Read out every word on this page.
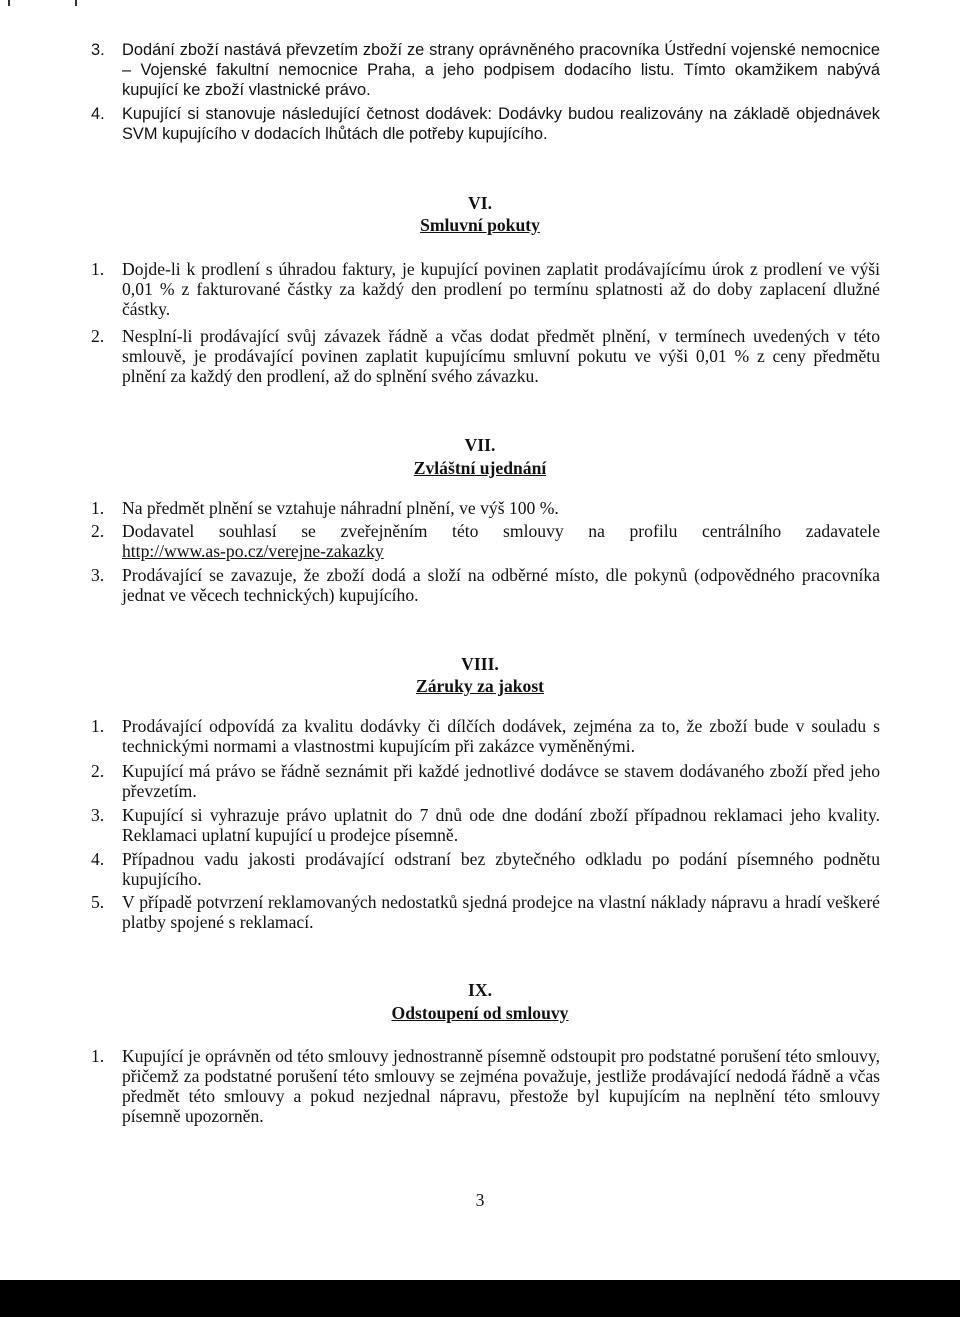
3.	Dodání zboží nastává převzetím zboží ze strany oprávněného pracovníka Ústřední vojenské nemocnice – Vojenské fakultní nemocnice Praha, a jeho podpisem dodacího listu. Tímto okamžikem nabývá kupující ke zboží vlastnické právo.
4.	Kupující si stanovuje následující četnost dodávek: Dodávky budou realizovány na základě objednávek SVM kupujícího v dodacích lhůtách dle potřeby kupujícího.
VI.
Smluvní pokuty
1.	Dojde-li k prodlení s úhradou faktury, je kupující povinen zaplatit prodávajícímu úrok z prodlení ve výši 0,01 % z fakturované částky za každý den prodlení po termínu splatnosti až do doby zaplacení dlužné částky.
2.	Nesplní-li prodávající svůj závazek řádně a včas dodat předmět plnění, v termínech uvedených v této smlouvě, je prodávající povinen zaplatit kupujícímu smluvní pokutu ve výši 0,01 % z ceny předmětu plnění za každý den prodlení, až do splnění svého závazku.
VII.
Zvláštní ujednání
1.	Na předmět plnění se vztahuje náhradní plnění, ve výš 100 %.
2.	Dodavatel souhlasí se zveřejněním této smlouvy na profilu centrálního zadavatele
http://www.as-po.cz/verejne-zakazky
3.	Prodávající se zavazuje, že zboží dodá a složí na odběrné místo, dle pokynů (odpovědného pracovníka jednat ve věcech technických) kupujícího.
VIII.
Záruky za jakost
1.	Prodávající odpovídá za kvalitu dodávky či dílčích dodávek, zejména za to, že zboží bude v souladu s technickými normami a vlastnostmi kupujícím při zakázce vyměněnými.
2.	Kupující má právo se řádně seznámit při každé jednotlivé dodávce se stavem dodávaného zboží před jeho převzetím.
3.	Kupující si vyhrazuje právo uplatnit do 7 dnů ode dne dodání zboží případnou reklamaci jeho kvality. Reklamaci uplatní kupující u prodejce písemně.
4.	Případnou vadu jakosti prodávající odstraní bez zbytečného odkladu po podání písemného podnětu kupujícího.
5.	V případě potvrzení reklamovaných nedostatků sjedná prodejce na vlastní náklady nápravu a hradí veškeré platby spojené s reklamací.
IX.
Odstoupení od smlouvy
1.	Kupující je oprávněn od této smlouvy jednostranně písemně odstoupit pro podstatné porušení této smlouvy, přičemž za podstatné porušení této smlouvy se zejména považuje, jestliže prodávající nedodá řádně a včas předmět této smlouvy a pokud nezjednal nápravu, přestože byl kupujícím na neplnění této smlouvy písemně upozorněn.
3
